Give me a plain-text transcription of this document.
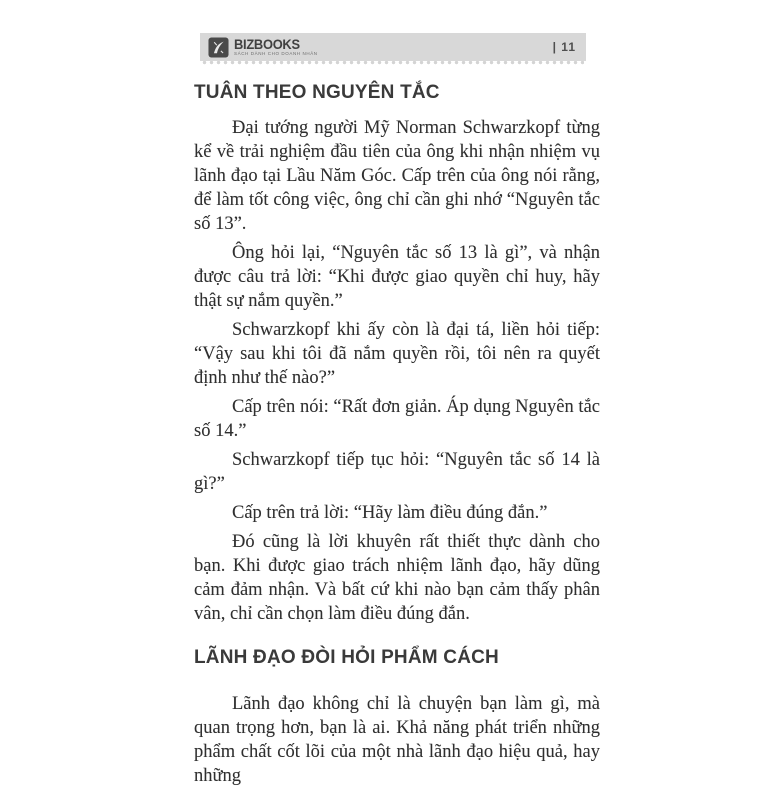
BIZBOOKS
SÁCH DÀNH CHO DOANH NHÂN	| 11
TUÂN THEO NGUYÊN TẮC

Đại tướng người Mỹ Norman Schwarzkopf từng kể về trải nghiệm đầu tiên của ông khi nhận nhiệm vụ lãnh đạo tại Lầu Năm Góc. Cấp trên của ông nói rằng, để làm tốt công việc, ông chỉ cần ghi nhớ “Nguyên tắc số 13”.

Ông hỏi lại, “Nguyên tắc số 13 là gì”, và nhận được câu trả lời: “Khi được giao quyền chỉ huy, hãy thật sự nắm quyền.”

Schwarzkopf khi ấy còn là đại tá, liền hỏi tiếp: “Vậy sau khi tôi đã nắm quyền rồi, tôi nên ra quyết định như thế nào?”

Cấp trên nói: “Rất đơn giản. Áp dụng Nguyên tắc số 14.”

Schwarzkopf tiếp tục hỏi: “Nguyên tắc số 14 là gì?”

Cấp trên trả lời: “Hãy làm điều đúng đắn.”

Đó cũng là lời khuyên rất thiết thực dành cho bạn. Khi được giao trách nhiệm lãnh đạo, hãy dũng cảm đảm nhận. Và bất cứ khi nào bạn cảm thấy phân vân, chỉ cần chọn làm điều đúng đắn.

LÃNH ĐẠO ĐÒI HỎI PHẨM CÁCH

Lãnh đạo không chỉ là chuyện bạn làm gì, mà quan trọng hơn, bạn là ai. Khả năng phát triển những phẩm chất cốt lõi của một nhà lãnh đạo hiệu quả, hay những
